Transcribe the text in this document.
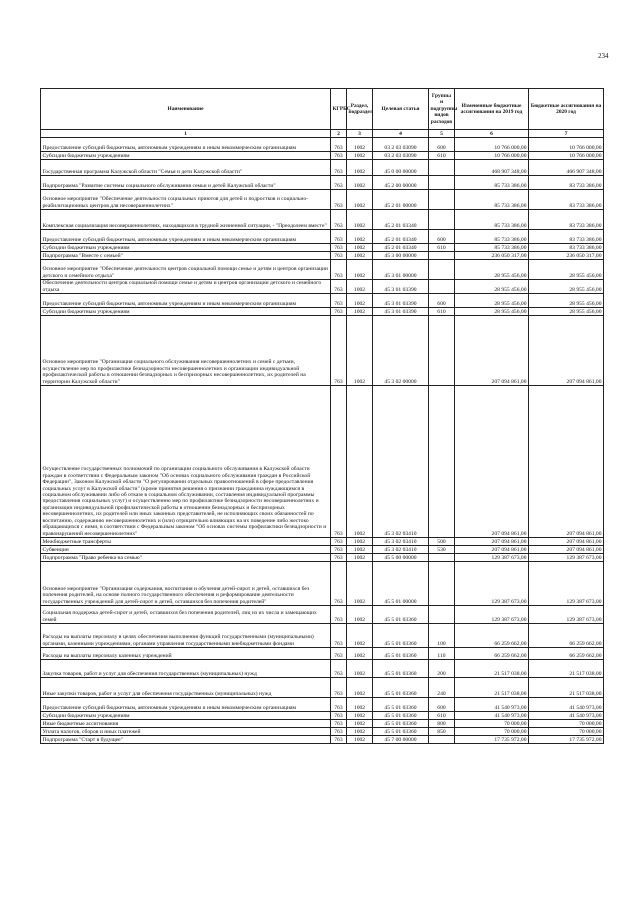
234
Наименование	КГРБС	Раздел, подраздел	Целевая статья	Группы и подгруппы видов расходов	Измененные бюджетные ассигнования на 2019 год	Бюджетные ассигнования на 2020 год
1	2	3	4	5	6	7
Предоставление субсидий бюджетным, автономным учреждениям и иным некоммерческим организациям	763	1002	03 2 03 03090	600	10 766 000,00	10 766 000,00
Субсидии бюджетным учреждениям	763	1002	03 2 03 03090	610	10 766 000,00	10 766 000,00
Государственная программа Калужской области "Семья и дети Калужской области"	763	1002	45 0 00 00000		468 907 348,00	466 907 348,00
Подпрограмма "Развитие системы социального обслуживания семьи и детей Калужской области"	763	1002	45 2 00 00000		85 733 386,00	83 733 386,00
Основное мероприятие "Обеспечение деятельности социальных приютов для детей и подростков и социально-реабилитационных центров для несовершеннолетних"	763	1002	45 2 01 00000		85 733 386,00	83 733 386,00
Комплексная социализация несовершеннолетних, находящихся в трудной жизненной ситуации, - "Преодолеем вместе"	763	1002	45 2 01 03340		85 733 386,00	83 733 386,00
Предоставление субсидий бюджетным, автономным учреждениям и иным некоммерческим организациям	763	1002	45 2 01 03340	600	85 733 386,00	83 733 386,00
Субсидии бюджетным учреждениям	763	1002	45 2 01 03340	610	85 733 386,00	83 733 386,00
Подпрограмма "Вместе с семьей"	763	1002	45 3 00 00000		236 050 317,00	236 050 317,00
Основное мероприятие "Обеспечение деятельности центров социальной помощи семье и детям и центров организации детского и семейного отдыха"	763	1002	45 3 01 00000		28 955 456,00	28 955 456,00
Обеспечение деятельности центров социальной помощи семье и детям и центров организации детского и семейного отдыха	763	1002	45 3 01 03390		28 955 456,00	28 955 456,00
Предоставление субсидий бюджетным, автономным учреждениям и иным некоммерческим организациям	763	1002	45 3 01 03390	600	28 955 456,00	28 955 456,00
Субсидии бюджетным учреждениям	763	1002	45 3 01 03390	610	28 955 456,00	28 955 456,00
Основное мероприятие "Организация социального обслуживания несовершеннолетних и семей с детьми, осуществление мер по профилактике безнадзорности несовершеннолетних и организации индивидуальной профилактической работы в отношении безнадзорных и беспризорных несовершеннолетних, их родителей на территории Калужской области"	763	1002	45 3 02 00000		207 094 861,00	207 094 861,00
Осуществление государственных полномочий по организации социального обслуживания в Калужской области граждан в соответствии с Федеральным законом "Об основах социального обслуживания граждан в Российской Федерации", Законом Калужской области "О регулировании отдельных правоотношений в сфере предоставления социальных услуг в Калужской области" (кроме принятия решения о признании гражданина нуждающимся в социальном обслуживании либо об отказе в социальном обслуживании, составления индивидуальной программы предоставления социальных услуг) и осуществлению мер по профилактике безнадзорности несовершеннолетних и организации индивидуальной профилактической работы в отношении безнадзорных и беспризорных несовершеннолетних, их родителей или иных законных представителей, не исполняющих своих обязанностей по воспитанию, содержанию несовершеннолетних и (или) отрицательно влияющих на их поведение либо жестоко обращающихся с ними, в соответствии с Федеральным законом "Об основах системы профилактики безнадзорности и правонарушений несовершеннолетних"	763	1002	45 3 02 03410		207 094 861,00	207 094 861,00
Межбюджетные трансферты	763	1002	45 3 02 03410	500	207 094 861,00	207 094 861,00
Субвенции	763	1002	45 3 02 03410	530	207 094 861,00	207 094 861,00
Подпрограмма "Право ребенка на семью"	763	1002	45 5 00 00000		129 387 673,00	129 387 673,00
Основное мероприятие "Организация содержания, воспитания и обучения детей-сирот и детей, оставшихся без попечения родителей, на основе полного государственного обеспечения и реформирование деятельности государственных учреждений для детей-сирот и детей, оставшихся без попечения родителей"	763	1002	45 5 01 00000		129 387 673,00	129 387 673,00
Социальная поддержка детей-сирот и детей, оставшихся без попечения родителей, лиц из их числа и замещающих семей	763	1002	45 5 01 03360		129 387 673,00	129 387 673,00
Расходы на выплаты персоналу в целях обеспечения выполнения функций государственными (муниципальными) органами, казенными учреждениями, органами управления государственными внебюджетными фондами	763	1002	45 5 01 03360	100	66 259 662,00	66 259 662,00
Расходы на выплаты персоналу казенных учреждений	763	1002	45 5 01 03360	110	66 259 662,00	66 259 662,00
Закупка товаров, работ и услуг для обеспечения государственных (муниципальных) нужд	763	1002	45 5 01 03360	200	21 517 038,00	21 517 038,00
Иные закупки товаров, работ и услуг для обеспечения государственных (муниципальных) нужд	763	1002	45 5 01 03360	240	21 517 038,00	21 517 038,00
Предоставление субсидий бюджетным, автономным учреждениям и иным некоммерческим организациям	763	1002	45 5 01 03360	600	41 540 973,00	41 540 973,00
Субсидии бюджетным учреждениям	763	1002	45 5 01 03360	610	41 540 973,00	41 540 973,00
Иные бюджетные ассигнования	763	1002	45 5 01 03360	800	70 000,00	70 000,00
Уплата налогов, сборов и иных платежей	763	1002	45 5 01 03360	850	70 000,00	70 000,00
Подпрограмма "Старт в будущее"	763	1002	45 7 00 00000		17 735 972,00	17 735 972,00
